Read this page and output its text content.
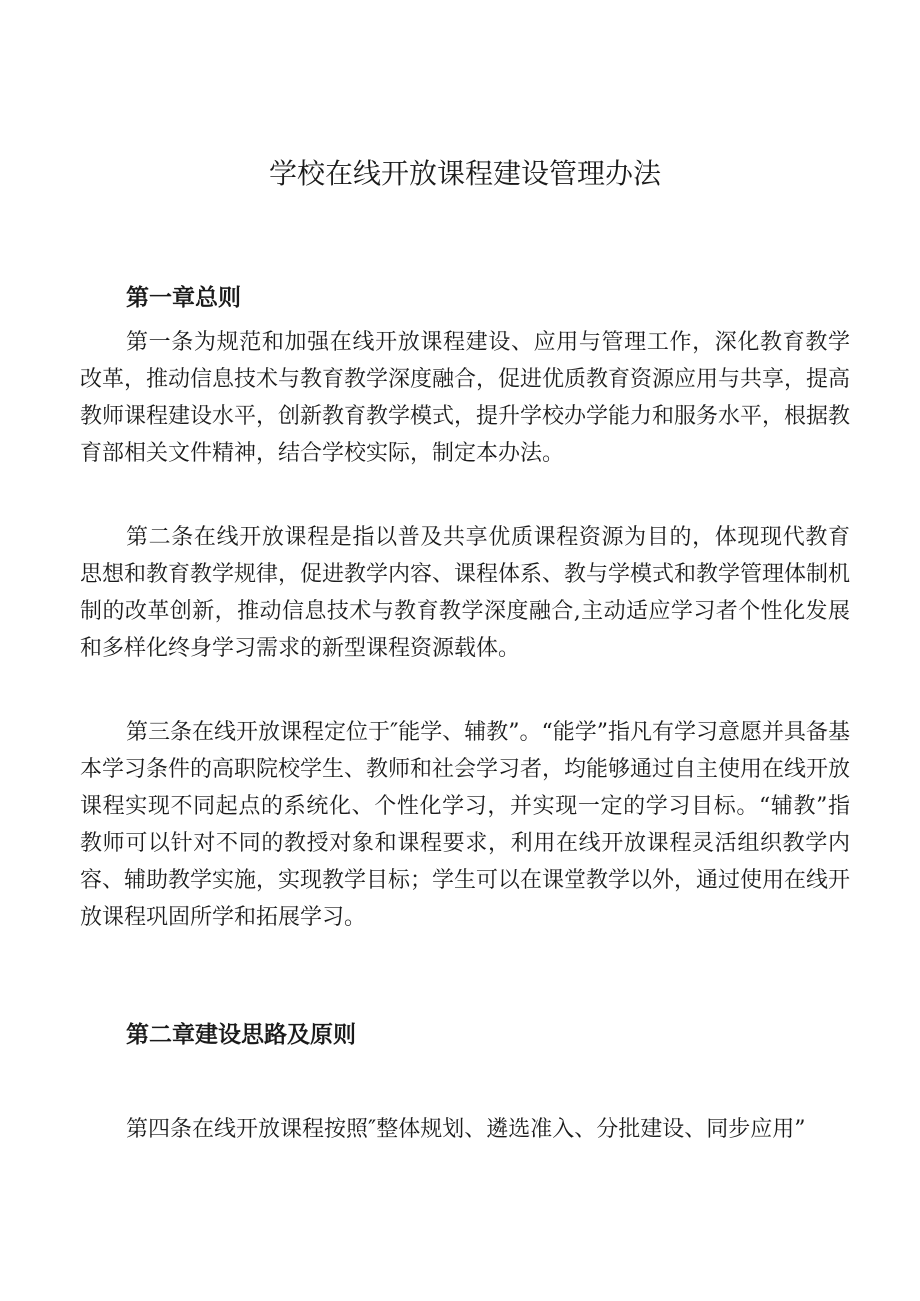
学校在线开放课程建设管理办法
第一章总则

第一条为规范和加强在线开放课程建设、应用与管理工作，深化教育教学改革，推动信息技术与教育教学深度融合，促进优质教育资源应用与共享，提高教师课程建设水平，创新教育教学模式，提升学校办学能力和服务水平，根据教育部相关文件精神，结合学校实际，制定本办法。

第二条在线开放课程是指以普及共享优质课程资源为目的，体现现代教育思想和教育教学规律，促进教学内容、课程体系、教与学模式和教学管理体制机制的改革创新，推动信息技术与教育教学深度融合,主动适应学习者个性化发展和多样化终身学习需求的新型课程资源载体。

第三条在线开放课程定位于″能学、辅教”。“能学”指凡有学习意愿并具备基本学习条件的高职院校学生、教师和社会学习者，均能够通过自主使用在线开放课程实现不同起点的系统化、个性化学习，并实现一定的学习目标。“辅教”指教师可以针对不同的教授对象和课程要求，利用在线开放课程灵活组织教学内容、辅助教学实施，实现教学目标；学生可以在课堂教学以外，通过使用在线开放课程巩固所学和拓展学习。

第二章建设思路及原则

第四条在线开放课程按照″整体规划、遴选准入、分批建设、同步应用”
